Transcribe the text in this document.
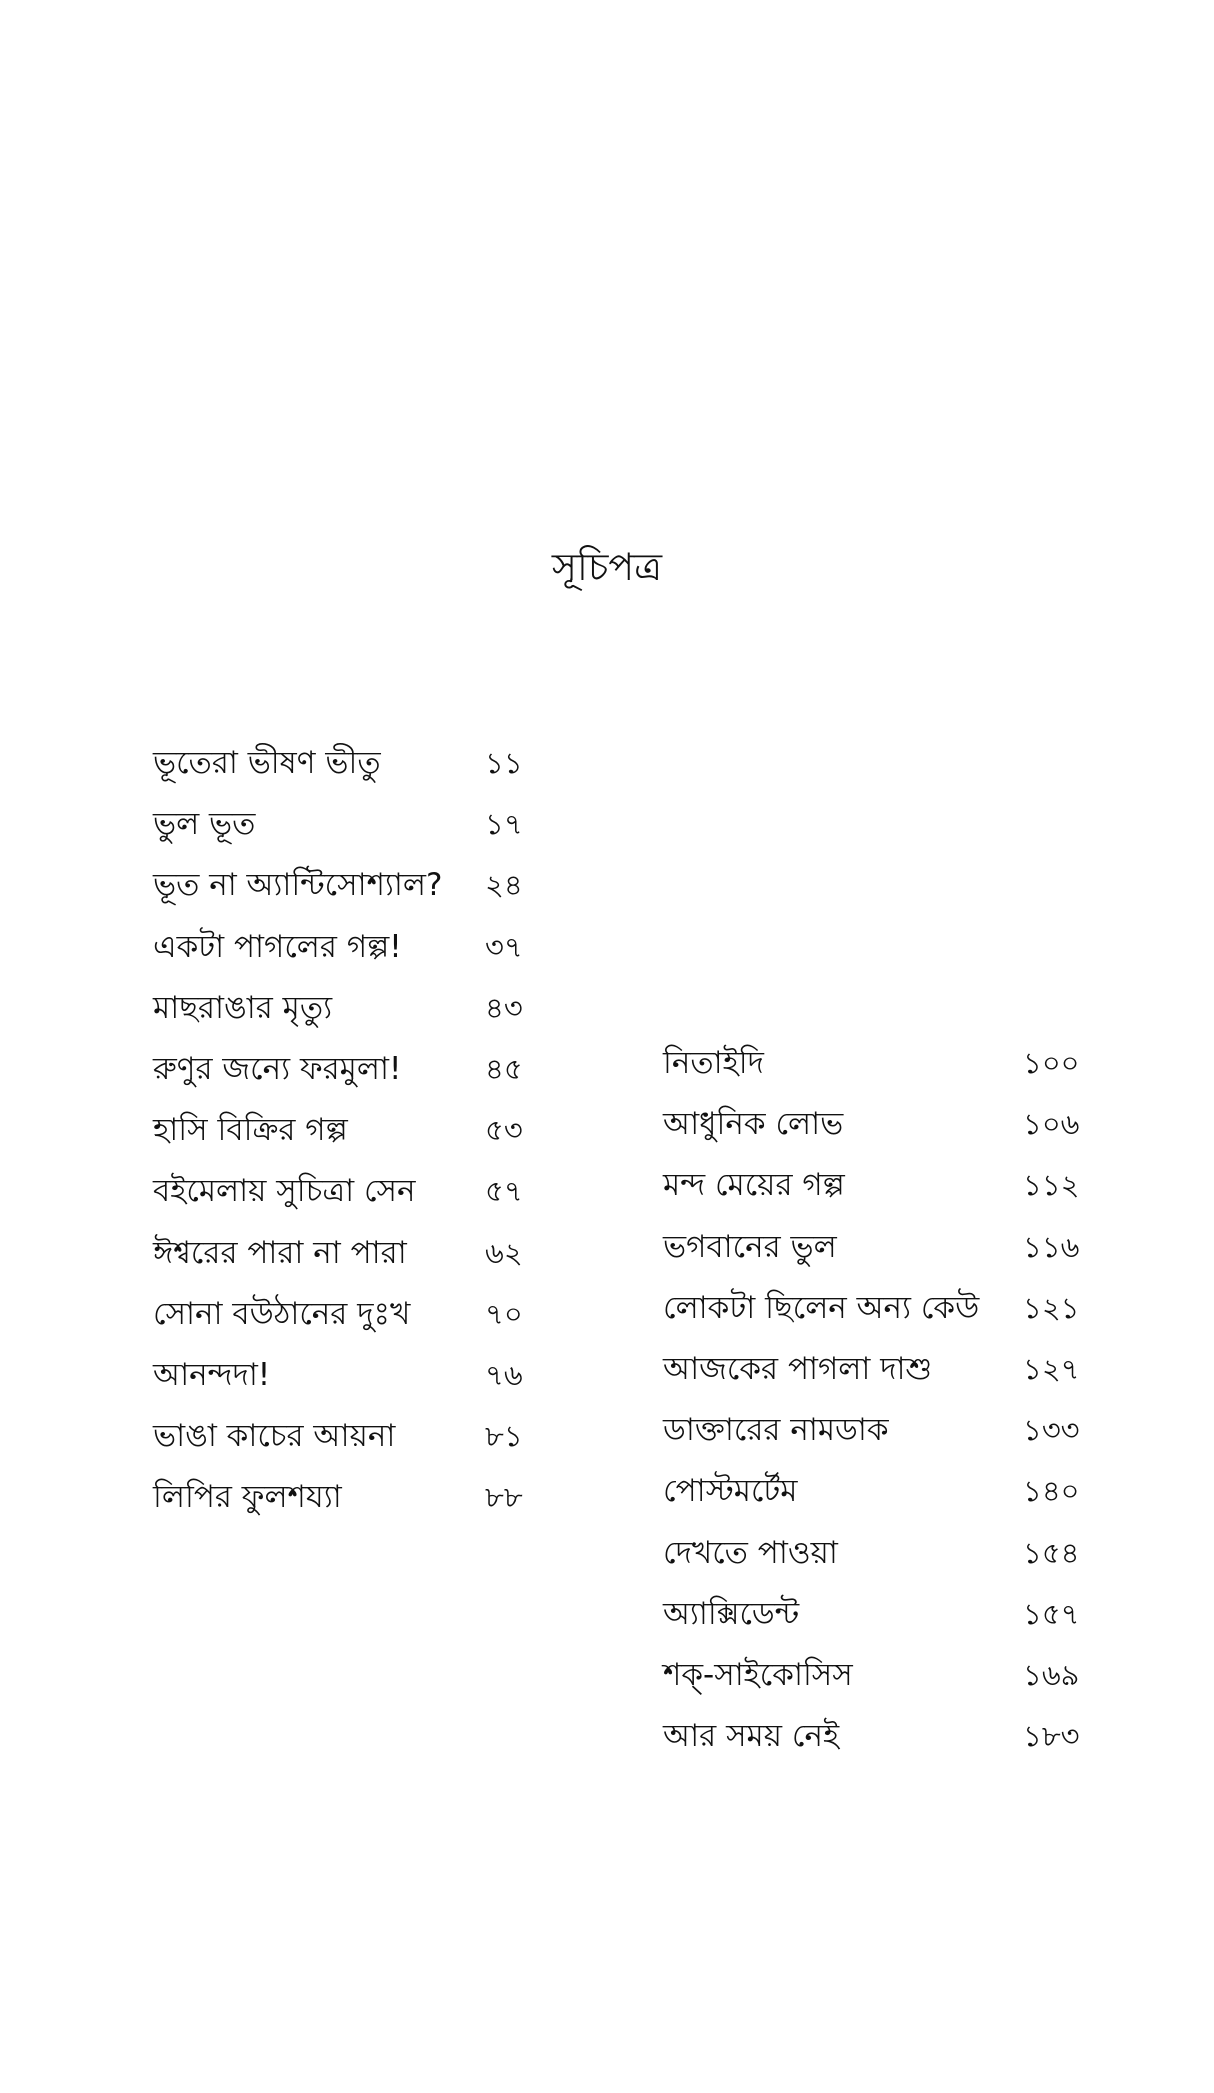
সূচিপত্র
ভূতেরা ভীষণ ভীতু	১১
ভুল ভূত	১৭
ভূত না অ্যান্টিসোশ্যাল? ২৪
একটা পাগলের গল্প!	৩৭
মাছরাঙার মৃত্যু	৪৩
রুণুর জন্যে ফরমুলা!	৪৫
হাসি বিক্রির গল্প	৫৩
বইমেলায় সুচিত্রা সেন ৫৭
ঈশ্বরের পারা না পারা	৬২
সোনা বউঠানের দুঃখ	৭০
আনন্দদা!	৭৬
ভাঙা কাচের আয়না	৮১
লিপির ফুলশয্যা	৮৮
নিতাইদি	১০০
আধুনিক লোভ	১০৬
মন্দ মেয়ের গল্প	১১২
ভগবানের ভুল	১১৬
লোকটা ছিলেন অন্য কেউ ১২১
আজকের পাগলা দাশু	১২৭
ডাক্তারের নামডাক	১৩৩
পোস্টমর্টেম	১৪০
দেখতে পাওয়া	১৫৪
অ্যাক্সিডেন্ট	১৫৭
শক্-সাইকোসিস	১৬৯
আর সময় নেই	১৮৩
